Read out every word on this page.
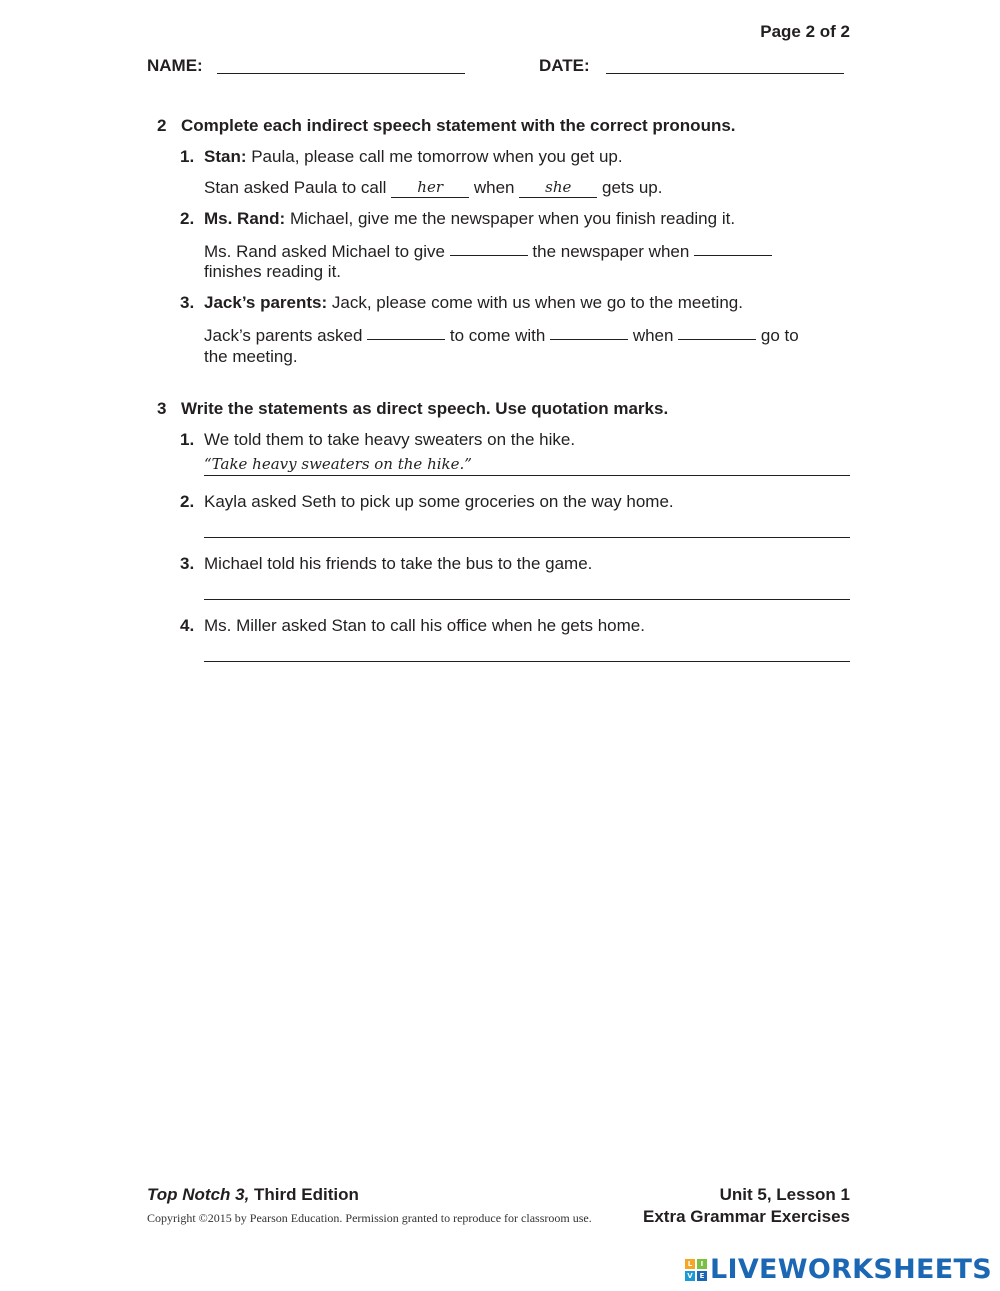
Page 2 of 2
NAME:	DATE:
2 Complete each indirect speech statement with the correct pronouns.
1. Stan: Paula, please call me tomorrow when you get up.
Stan asked Paula to call her when she gets up.
2. Ms. Rand: Michael, give me the newspaper when you finish reading it.
Ms. Rand asked Michael to give	the newspaper when
finishes reading it.
3. Jack’s parents: Jack, please come with us when we go to the meeting.
Jack’s parents asked	to come with	when	go to
the meeting.
3 Write the statements as direct speech. Use quotation marks.
1. We told them to take heavy sweaters on the hike.
“Take heavy sweaters on the hike.”
2. Kayla asked Seth to pick up some groceries on the way home.
3. Michael told his friends to take the bus to the game.
4. Ms. Miller asked Stan to call his office when he gets home.
Top Notch 3, Third Edition
Copyright ©2015 by Pearson Education. Permission granted to reproduce for classroom use.
Unit 5, Lesson 1
Extra Grammar Exercises
L	I
V E LIVEWORKSHEETS
